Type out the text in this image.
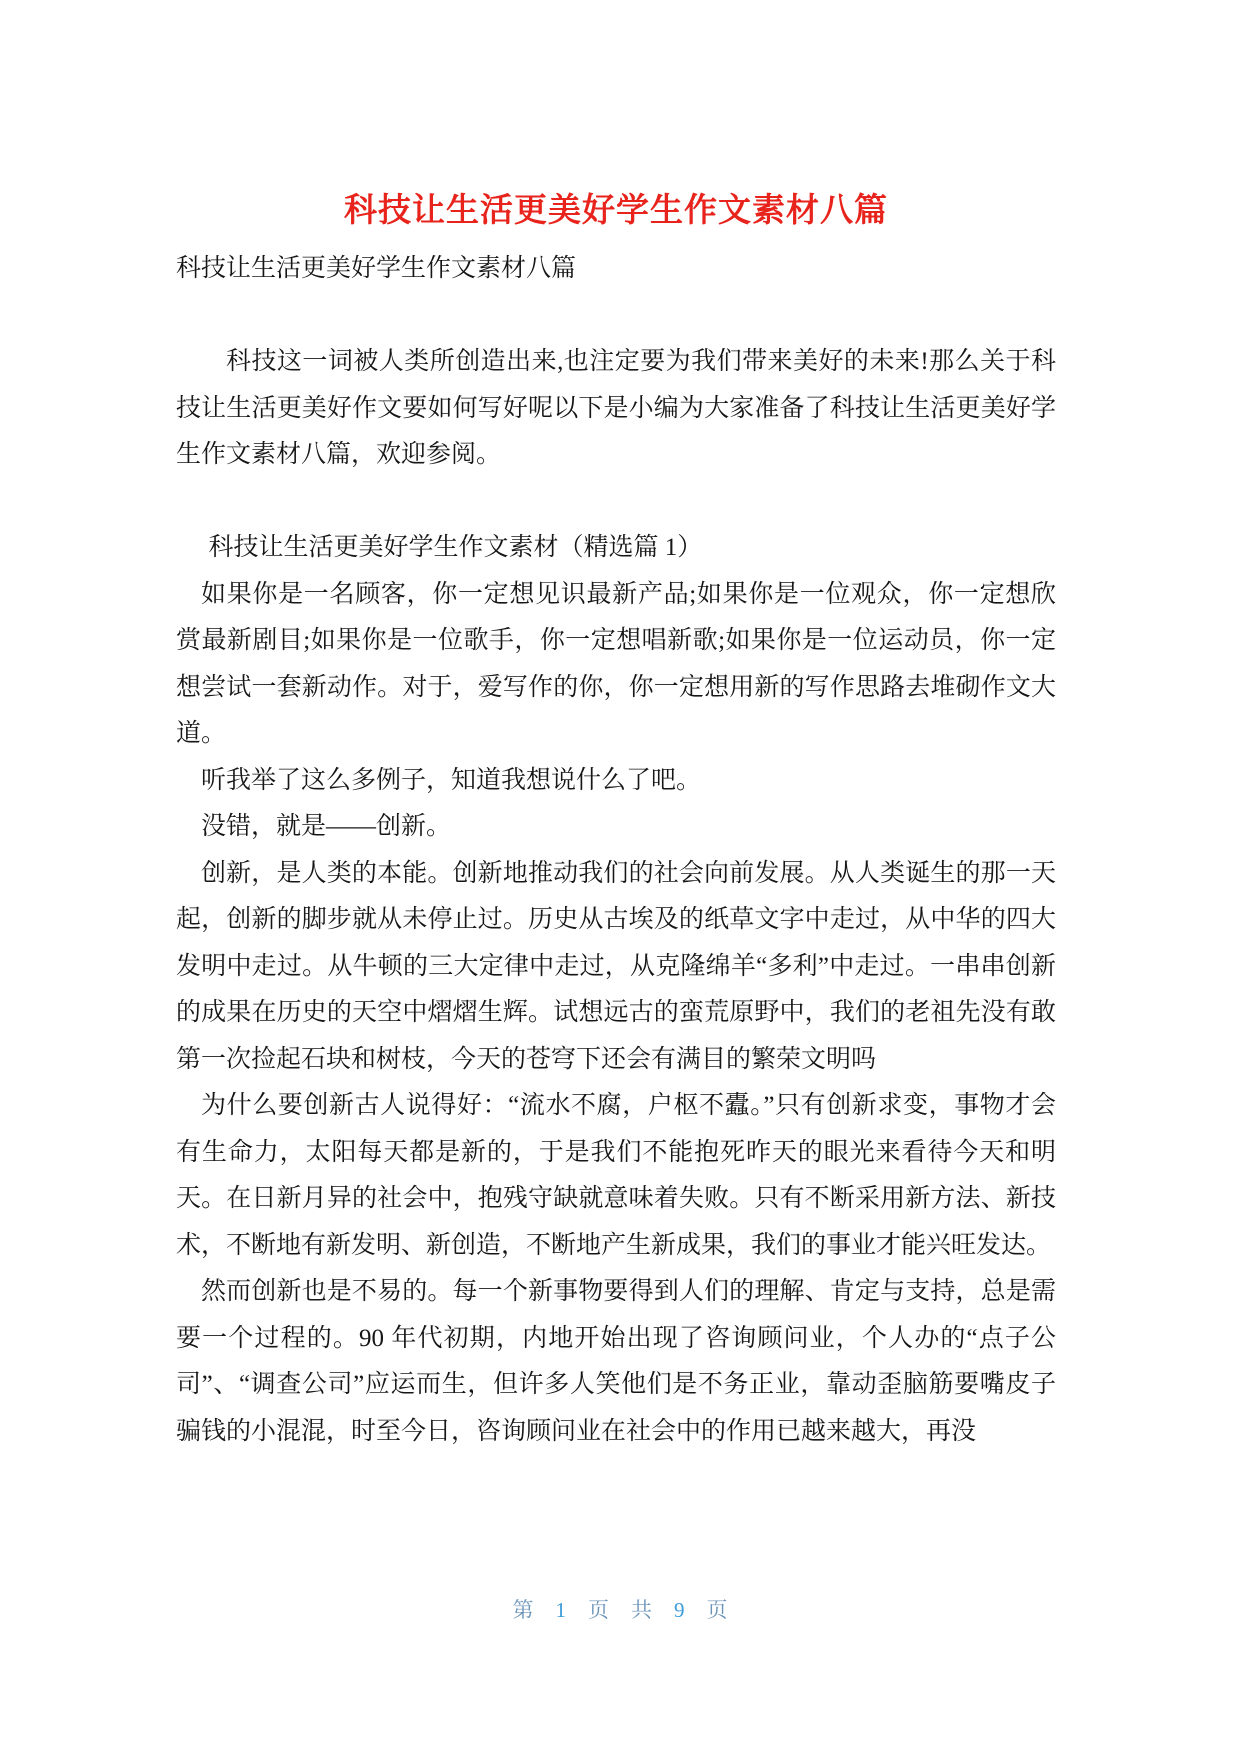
科技让生活更美好学生作文素材八篇

科技让生活更美好学生作文素材八篇

科技这一词被人类所创造出来,也注定要为我们带来美好的未来!那么关于科技让生活更美好作文要如何写好呢以下是小编为大家准备了科技让生活更美好学生作文素材八篇，欢迎参阅。

科技让生活更美好学生作文素材（精选篇 1）

如果你是一名顾客，你一定想见识最新产品;如果你是一位观众，你一定想欣赏最新剧目;如果你是一位歌手，你一定想唱新歌;如果你是一位运动员，你一定想尝试一套新动作。对于，爱写作的你，你一定想用新的写作思路去堆砌作文大道。

听我举了这么多例子，知道我想说什么了吧。

没错，就是——创新。

创新，是人类的本能。创新地推动我们的社会向前发展。从人类诞生的那一天起，创新的脚步就从未停止过。历史从古埃及的纸草文字中走过，从中华的四大发明中走过。从牛顿的三大定律中走过，从克隆绵羊“多利”中走过。一串串创新的成果在历史的天空中熠熠生辉。试想远古的蛮荒原野中，我们的老祖先没有敢第一次捡起石块和树枝，今天的苍穹下还会有满目的繁荣文明吗

为什么要创新古人说得好：“流水不腐，户枢不蠹。”只有创新求变，事物才会有生命力，太阳每天都是新的，于是我们不能抱死昨天的眼光来看待今天和明天。在日新月异的社会中，抱残守缺就意味着失败。只有不断采用新方法、新技术，不断地有新发明、新创造，不断地产生新成果，我们的事业才能兴旺发达。

然而创新也是不易的。每一个新事物要得到人们的理解、肯定与支持，总是需要一个过程的。90 年代初期，内地开始出现了咨询顾问业，个人办的“点子公司”、“调查公司”应运而生，但许多人笑他们是不务正业，靠动歪脑筋要嘴皮子骗钱的小混混，时至今日，咨询顾问业在社会中的作用已越来越大，再没

第 1 页 共 9 页
